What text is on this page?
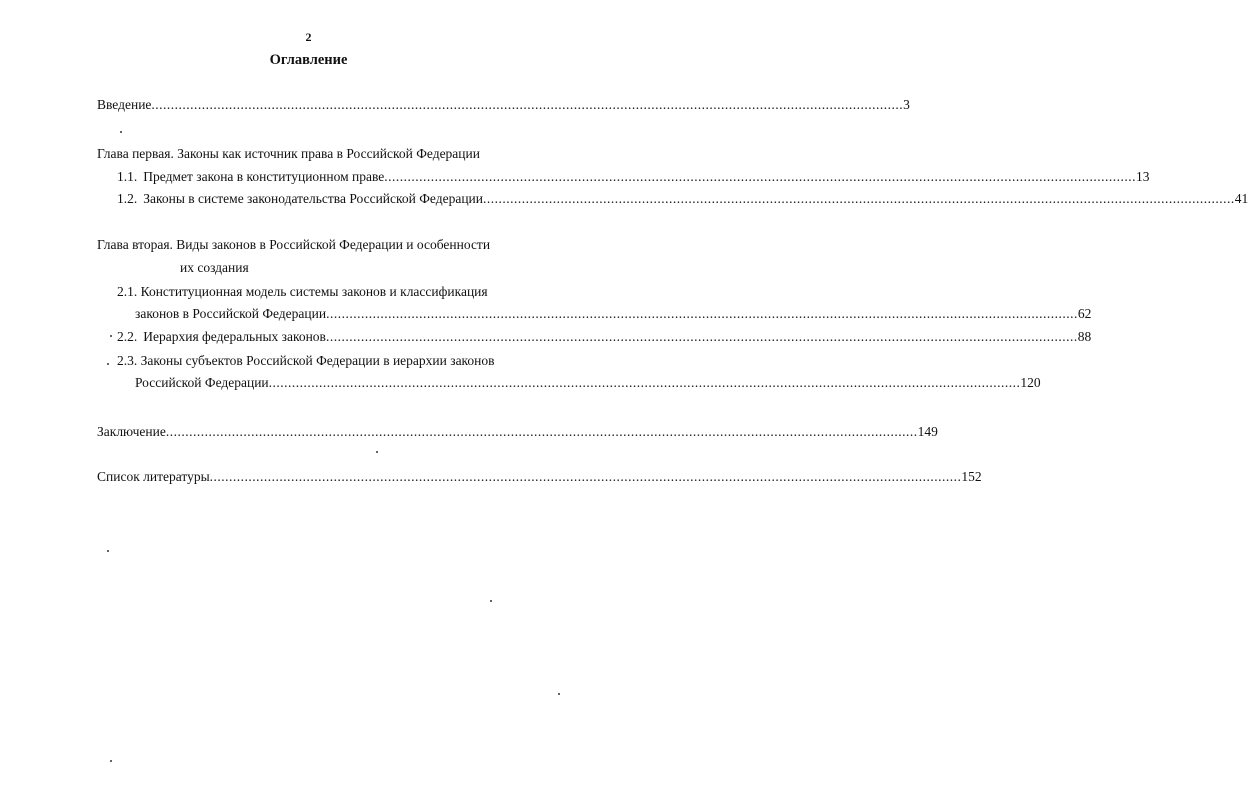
2
Оглавление
Введение .................................................................................................................................................................................................. 3
Глава первая. Законы как источник права в Российской Федерации
1.1. Предмет закона в конституционном праве .................................................................................................................................................................................................. 13
1.2. Законы в системе законодательства Российской Федерации .................................................................................................................................................................................................. 41
Глава вторая. Виды законов в Российской Федерации и особенности
их создания
2.1. Конституционная модель системы законов и классификация
законов в Российской Федерации .................................................................................................................................................................................................. 62
2.2. Иерархия федеральных законов .................................................................................................................................................................................................. 88
2.3. Законы субъектов Российской Федерации в иерархии законов
Российской Федерации .................................................................................................................................................................................................. 120
Заключение .................................................................................................................................................................................................. 149
Список литературы .................................................................................................................................................................................................. 152
